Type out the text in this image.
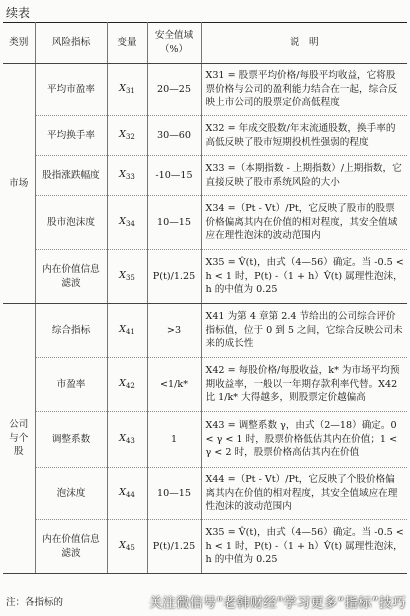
续表
类别	风险指标	变量	安全值域（%）	说　明
市场	平均市盈率	$X_{31}$	20—25	X31 = 股票平均价格/每股平均收益，它将股票价格与公司的盈利能力结合在一起，综合反映上市公司的股票定价高低程度
	平均换手率	$X_{32}$	30—60	X32 = 年成交股数/年末流通股数，换手率的高低反映了股市短期投机性强弱的程度
	股指涨跌幅度	$X_{33}$	-10—15	X33 =（本期指数 - 上期指数）/上期指数，它直接反映了股市系统风险的大小
	股市泡沫度	$X_{34}$	10—15	X34 =（Pt - Vt）/Pt，它反映了股市的股票价格偏离其内在价值的相对程度，其安全值域应在理性泡沫的波动范围内
	内在价值信息滤波	$X_{35}$	P(t)/1.25	X35 = V̂(t)，由式（4—56）确定。当 -0.5 < h < 1 时，P(t) -（1 + h）V̂(t) 属理性泡沫，h 的中值为 0.25
公司与个股	综合指标	$X_{41}$	>3	X41 为第 4 章第 2.4 节给出的公司综合评价指标值，位于 0 到 5 之间，它综合反映公司未来的成长性
	市盈率	$X_{42}$	<1/k*	X42 = 每股价格/每股收益，k* 为市场平均预期收益率，一般以一年期存款利率代替。X42 比 1/k* 大得越多，则股票定价越偏高
	调整系数	$X_{43}$	1	X43 = 调整系数 γ，由式（2—18）确定。0 < γ < 1 时，股票价格低估其内在价值；1 < γ < 2 时，股票价格高估其内在价值
	泡沫度	$X_{44}$	10—15	X44 =（Pt - Vt）/Pt，它反映了个股价格偏离其内在价值的相对程度，其安全值域应在理性泡沫的波动范围内
	内在价值信息滤波	$X_{45}$	P(t)/1.25	X35 = V̂(t)，由式（4—56）确定。当 -0.5 < h < 1 时，P(t) -（1 + h）V̂(t) 属理性泡沫，h 的中值为 0.25
注：各指标的	关注微信号"老韩财经"学习更多“指标”技巧
